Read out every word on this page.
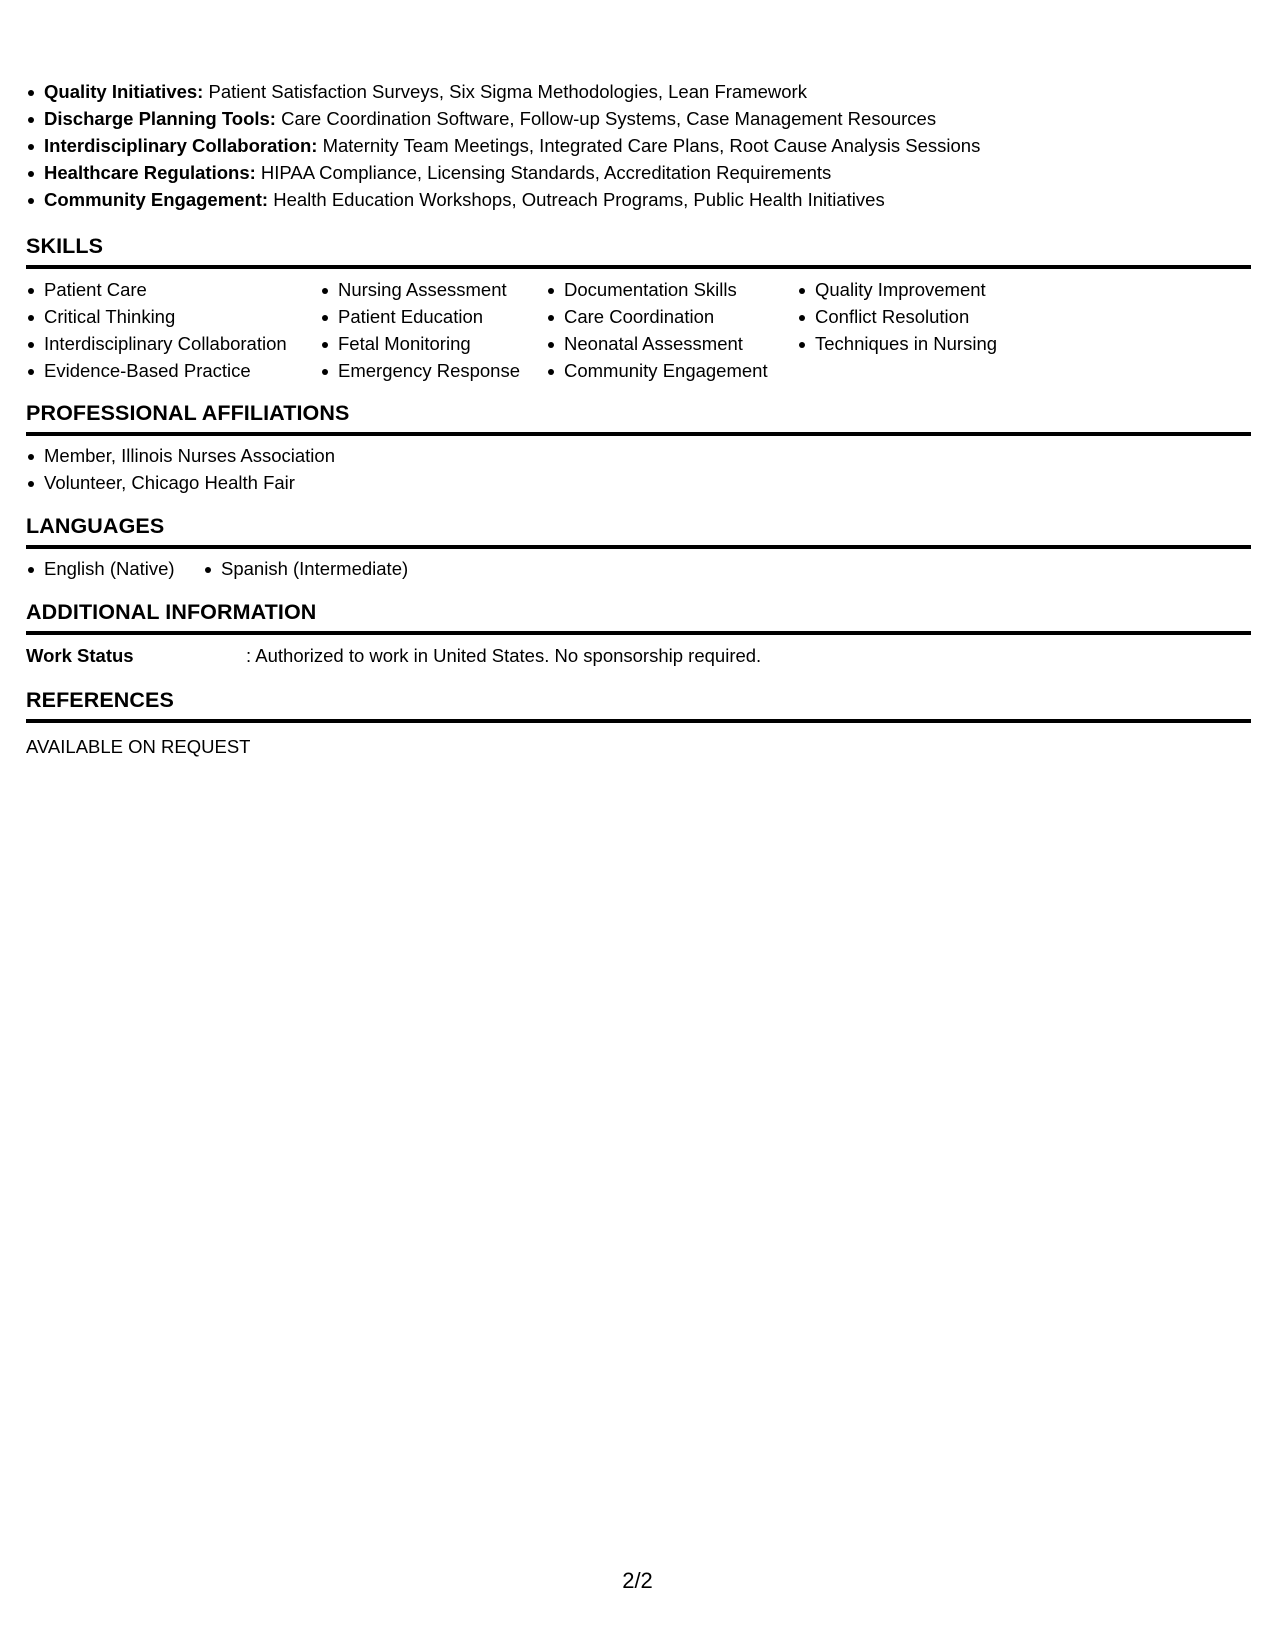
Quality Initiatives: Patient Satisfaction Surveys, Six Sigma Methodologies, Lean Framework
Discharge Planning Tools: Care Coordination Software, Follow-up Systems, Case Management Resources
Interdisciplinary Collaboration: Maternity Team Meetings, Integrated Care Plans, Root Cause Analysis Sessions
Healthcare Regulations: HIPAA Compliance, Licensing Standards, Accreditation Requirements
Community Engagement: Health Education Workshops, Outreach Programs, Public Health Initiatives
SKILLS
Patient Care
Critical Thinking
Interdisciplinary Collaboration
Evidence-Based Practice
Nursing Assessment
Patient Education
Fetal Monitoring
Emergency Response
Documentation Skills
Care Coordination
Neonatal Assessment
Community Engagement
Quality Improvement
Conflict Resolution
Techniques in Nursing
PROFESSIONAL AFFILIATIONS
Member, Illinois Nurses Association
Volunteer, Chicago Health Fair
LANGUAGES
English (Native)	Spanish (Intermediate)
ADDITIONAL INFORMATION
Work Status	: Authorized to work in United States. No sponsorship required.
REFERENCES
AVAILABLE ON REQUEST
2/2
